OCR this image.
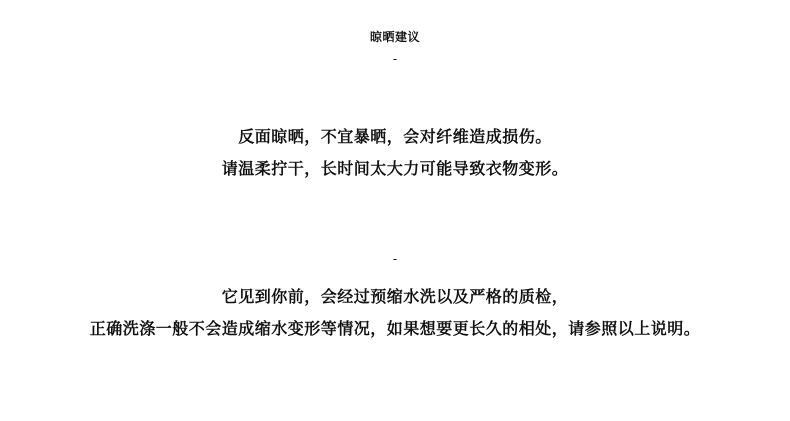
晾晒建议
-
反面晾晒，不宜暴晒，会对纤维造成损伤。
请温柔拧干，长时间太大力可能导致衣物变形。
-
它见到你前，会经过预缩水洗以及严格的质检，
正确洗涤一般不会造成缩水变形等情况，如果想要更长久的相处，请参照以上说明。
